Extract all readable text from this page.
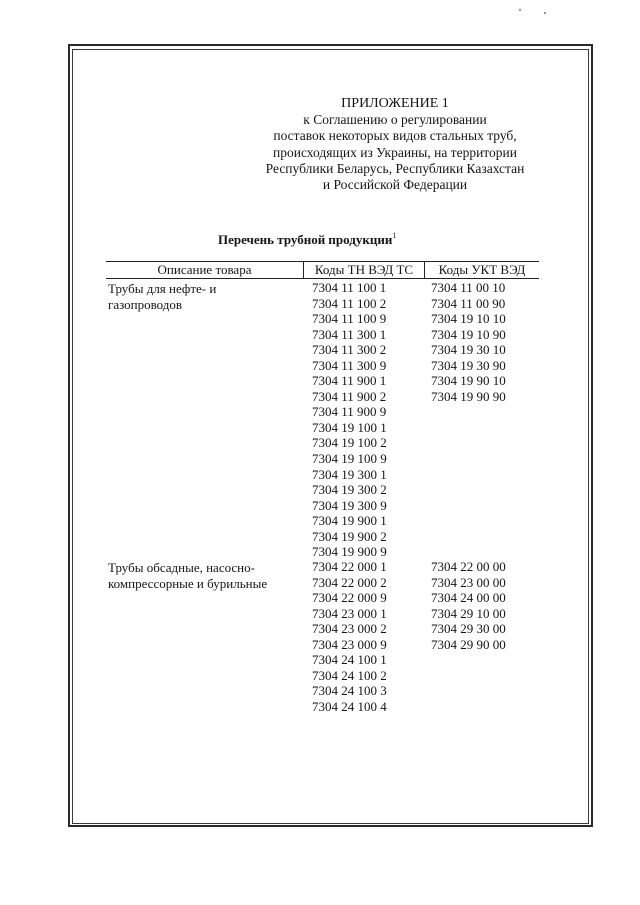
ПРИЛОЖЕНИЕ 1
к Соглашению о регулировании
поставок некоторых видов стальных труб,
происходящих из Украины, на территории
Республики Беларусь, Республики Казахстан
и Российской Федерации
Перечень трубной продукции$^1$
Описание товара	Коды ТН ВЭД ТС	Коды УКТ ВЭД
Трубы для нефте- и
газопроводов
7304 11 100 1
7304 11 100 2
7304 11 100 9
7304 11 300 1
7304 11 300 2
7304 11 300 9
7304 11 900 1
7304 11 900 2
7304 11 900 9
7304 19 100 1
7304 19 100 2
7304 19 100 9
7304 19 300 1
7304 19 300 2
7304 19 300 9
7304 19 900 1
7304 19 900 2
7304 19 900 9
7304 11 00 10
7304 11 00 90
7304 19 10 10
7304 19 10 90
7304 19 30 10
7304 19 30 90
7304 19 90 10
7304 19 90 90
Трубы обсадные, насосно-
компрессорные и бурильные
7304 22 000 1
7304 22 000 2
7304 22 000 9
7304 23 000 1
7304 23 000 2
7304 23 000 9
7304 24 100 1
7304 24 100 2
7304 24 100 3
7304 24 100 4
7304 22 00 00
7304 23 00 00
7304 24 00 00
7304 29 10 00
7304 29 30 00
7304 29 90 00
